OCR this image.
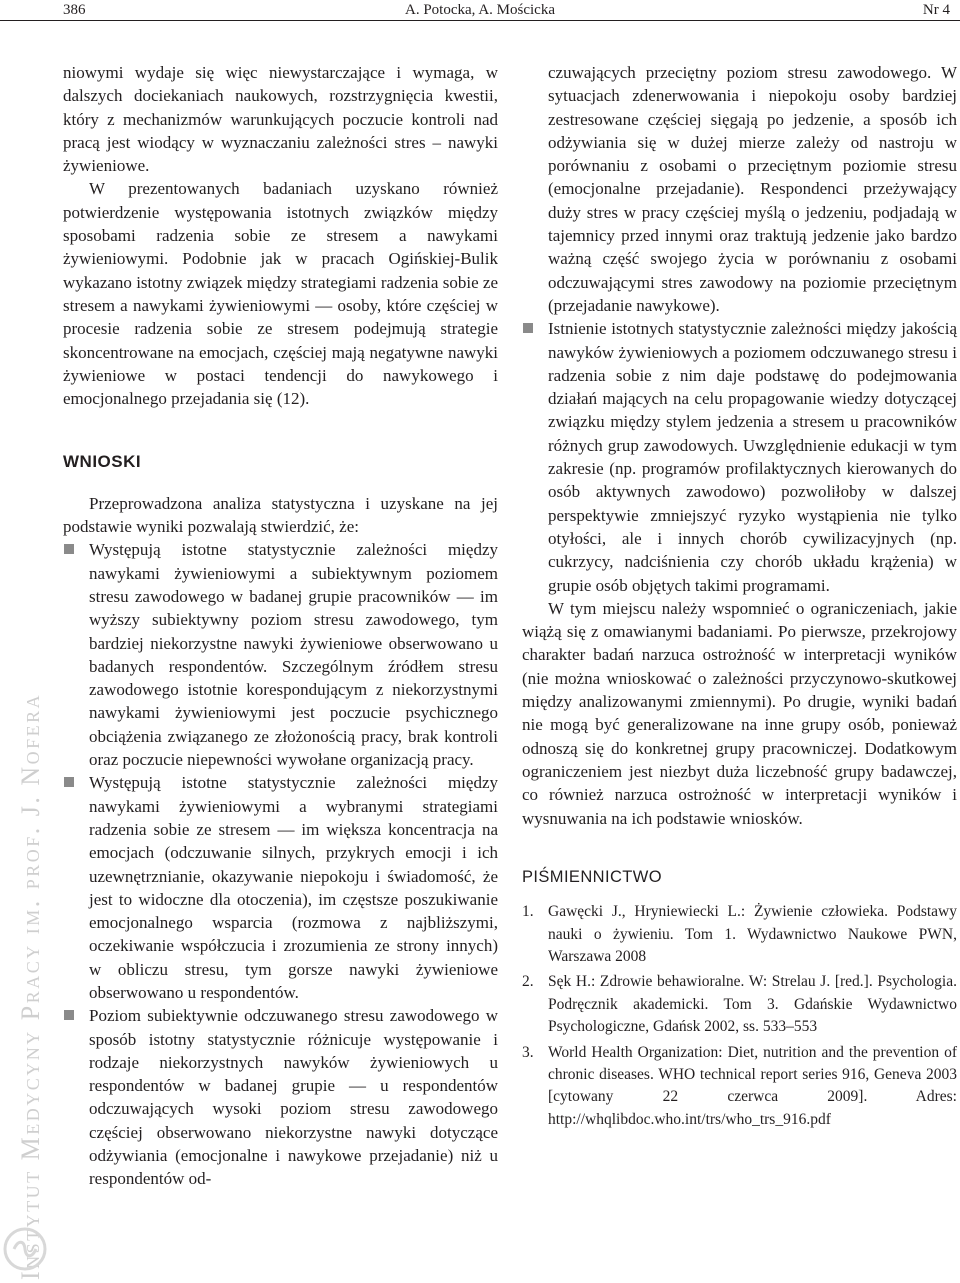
386	A. Potocka, A. Mościcka	Nr 4
Instytut Medycyny Pracy im. prof. J. Nofera

niowymi wydaje się więc niewystarczające i wymaga, w dalszych dociekaniach naukowych, rozstrzygnięcia kwestii, który z mechanizmów warunkujących poczucie kontroli nad pracą jest wiodący w wyznaczaniu zależności stres – nawyki żywieniowe.

W prezentowanych badaniach uzyskano również potwierdzenie występowania istotnych związków między sposobami radzenia sobie ze stresem a nawykami żywieniowymi. Podobnie jak w pracach Ogińskiej-Bulik wykazano istotny związek między strategiami radzenia sobie ze stresem a nawykami żywieniowymi — osoby, które częściej w procesie radzenia sobie ze stresem podejmują strategie skoncentrowane na emocjach, częściej mają negatywne nawyki żywieniowe w postaci tendencji do nawykowego i emocjonalnego przejadania się (12).

WNIOSKI

Przeprowadzona analiza statystyczna i uzyskane na jej podstawie wyniki pozwalają stwierdzić, że:

Występują istotne statystycznie zależności między nawykami żywieniowymi a subiektywnym poziomem stresu zawodowego w badanej grupie pracowników — im wyższy subiektywny poziom stresu zawodowego, tym bardziej niekorzystne nawyki żywieniowe obserwowano u badanych respondentów. Szczególnym źródłem stresu zawodowego istotnie korespondującym z niekorzystnymi nawykami żywieniowymi jest poczucie psychicznego obciążenia związanego ze złożonością pracy, brak kontroli oraz poczucie niepewności wywołane organizacją pracy.
Występują istotne statystycznie zależności między nawykami żywieniowymi a wybranymi strategiami radzenia sobie ze stresem — im większa koncentracja na emocjach (odczuwanie silnych, przykrych emocji i ich uzewnętrznianie, okazywanie niepokoju i świadomość, że jest to widoczne dla otoczenia), im częstsze poszukiwanie emocjonalnego wsparcia (rozmowa z najbliższymi, oczekiwanie współczucia i zrozumienia ze strony innych) w obliczu stresu, tym gorsze nawyki żywieniowe obserwowano u respondentów.
Poziom subiektywnie odczuwanego stresu zawodowego w sposób istotny statystycznie różnicuje występowanie i rodzaje niekorzystnych nawyków żywieniowych u respondentów w badanej grupie — u respondentów odczuwających wysoki poziom stresu zawodowego częściej obserwowano niekorzystne nawyki dotyczące odżywiania (emocjonalne i nawykowe przejadanie) niż u respondentów od-
czuwających przeciętny poziom stresu zawodowego. W sytuacjach zdenerwowania i niepokoju osoby bardziej zestresowane częściej sięgają po jedzenie, a sposób ich odżywiania się w dużej mierze zależy od nastroju w porównaniu z osobami o przeciętnym poziomie stresu (emocjonalne przejadanie). Respondenci przeżywający duży stres w pracy częściej myślą o jedzeniu, podjadają w tajemnicy przed innymi oraz traktują jedzenie jako bardzo ważną część swojego życia w porównaniu z osobami odczuwającymi stres zawodowy na poziomie przeciętnym (przejadanie nawykowe).
Istnienie istotnych statystycznie zależności między jakością nawyków żywieniowych a poziomem odczuwanego stresu i radzenia sobie z nim daje podstawę do podejmowania działań mających na celu propagowanie wiedzy dotyczącej związku między stylem jedzenia a stresem u pracowników różnych grup zawodowych. Uwzględnienie edukacji w tym zakresie (np. programów profilaktycznych kierowanych do osób aktywnych zawodowo) pozwoliłoby w dalszej perspektywie zmniejszyć ryzyko wystąpienia nie tylko otyłości, ale i innych chorób cywilizacyjnych (np. cukrzycy, nadciśnienia czy chorób układu krążenia) w grupie osób objętych takimi programami.

W tym miejscu należy wspomnieć o ograniczeniach, jakie wiążą się z omawianymi badaniami. Po pierwsze, przekrojowy charakter badań narzuca ostrożność w interpretacji wyników (nie można wnioskować o zależności przyczynowo-skutkowej między analizowanymi zmiennymi). Po drugie, wyniki badań nie mogą być generalizowane na inne grupy osób, ponieważ odnoszą się do konkretnej grupy pracowniczej. Dodatkowym ograniczeniem jest niezbyt duża liczebność grupy badawczej, co również narzuca ostrożność w interpretacji wyników i wysnuwania na ich podstawie wniosków.

PIŚMIENNICTWO
1. Gawęcki J., Hryniewiecki L.: Żywienie człowieka. Podstawy nauki o żywieniu. Tom 1. Wydawnictwo Naukowe PWN, Warszawa 2008
2. Sęk H.: Zdrowie behawioralne. W: Strelau J. [red.]. Psychologia. Podręcznik akademicki. Tom 3. Gdańskie Wydawnictwo Psychologiczne, Gdańsk 2002, ss. 533–553
3. World Health Organization: Diet, nutrition and the prevention of chronic diseases. WHO technical report series 916, Geneva 2003 [cytowany 22 czerwca 2009]. Adres: http://whqlibdoc.who.int/trs/who_trs_916.pdf
